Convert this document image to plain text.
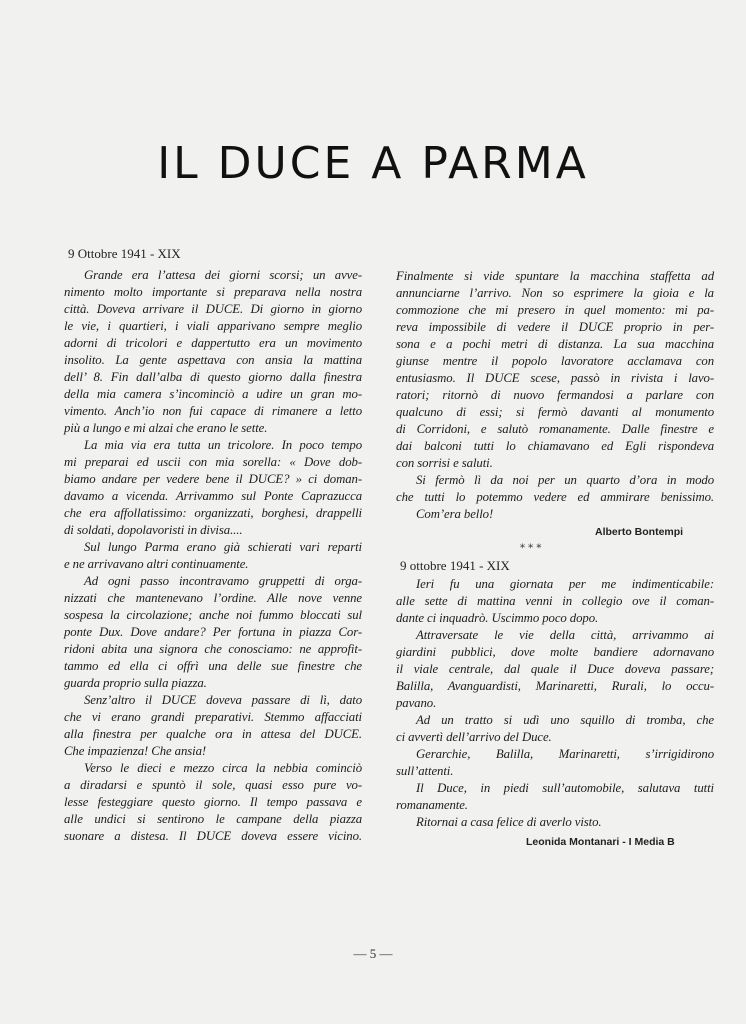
IL DUCE A PARMA
9 Ottobre 1941 - XIX
Grande era l’attesa dei giorni scorsi; un avve-
nimento molto importante si preparava nella nostra
città. Doveva arrivare il DUCE. Di giorno in giorno
le vie, i quartieri, i viali apparivano sempre meglio
adorni di tricolori e dappertutto era un movimento
insolito. La gente aspettava con ansia la mattina
dell’ 8. Fin dall’alba di questo giorno dalla finestra
della mia camera s’incominciò a udire un gran mo-
vimento. Anch’io non fui capace di rimanere a letto
più a lungo e mi alzai che erano le sette.
La mia via era tutta un tricolore. In poco tempo
mi preparai ed uscii con mia sorella: « Dove dob-
biamo andare per vedere bene il DUCE? » ci doman-
davamo a vicenda. Arrivammo sul Ponte Caprazucca
che era affollatissimo: organizzati, borghesi, drappelli
di soldati, dopolavoristi in divisa....
Sul lungo Parma erano già schierati vari reparti
e ne arrivavano altri continuamente.
Ad ogni passo incontravamo gruppetti di orga-
nizzati che mantenevano l’ordine. Alle nove venne
sospesa la circolazione; anche noi fummo bloccati sul
ponte Dux. Dove andare? Per fortuna in piazza Cor-
ridoni abita una signora che conosciamo: ne approfit-
tammo ed ella ci offrì una delle sue finestre che
guarda proprio sulla piazza.
Senz’altro il DUCE doveva passare di lì, dato
che vi erano grandi preparativi. Stemmo affacciati
alla finestra per qualche ora in attesa del DUCE.
Che impazienza! Che ansia!
Verso le dieci e mezzo circa la nebbia cominciò
a diradarsi e spuntò il sole, quasi esso pure vo-
lesse festeggiare questo giorno. Il tempo passava e
alle undici si sentirono le campane della piazza
suonare a distesa. Il DUCE doveva essere vicino.
Finalmente si vide spuntare la macchina staffetta ad
annunciarne l’arrivo. Non so esprimere la gioia e la
commozione che mi presero in quel momento: mi pa-
reva impossibile di vedere il DUCE proprio in per-
sona e a pochi metri di distanza. La sua macchina
giunse mentre il popolo lavoratore acclamava con
entusiasmo. Il DUCE scese, passò in rivista i lavo-
ratori; ritornò di nuovo fermandosi a parlare con
qualcuno di essi; si fermò davanti al monumento
di Corridoni, e salutò romanamente. Dalle finestre e
dai balconi tutti lo chiamavano ed Egli rispondeva
con sorrisi e saluti.
Si fermò lì da noi per un quarto d’ora in modo
che tutti lo potemmo vedere ed ammirare benissimo.
Com’era bello!
Alberto Bontempi
* * *
9 ottobre 1941 - XIX
Ieri fu una giornata per me indimenticabile:
alle sette di mattina venni in collegio ove il coman-
dante ci inquadrò. Uscimmo poco dopo.
Attraversate le vie della città, arrivammo ai
giardini pubblici, dove molte bandiere adornavano
il viale centrale, dal quale il Duce doveva passare;
Balilla, Avanguardisti, Marinaretti, Rurali, lo occu-
pavano.
Ad un tratto si udì uno squillo di tromba, che
ci avvertì dell’arrivo del Duce.
Gerarchie, Balilla, Marinaretti, s’irrigidirono
sull’attenti.
Il Duce, in piedi sull’automobile, salutava tutti
romanamente.
Ritornai a casa felice di averlo visto.
Leonida Montanari - I Media B
— 5 —
